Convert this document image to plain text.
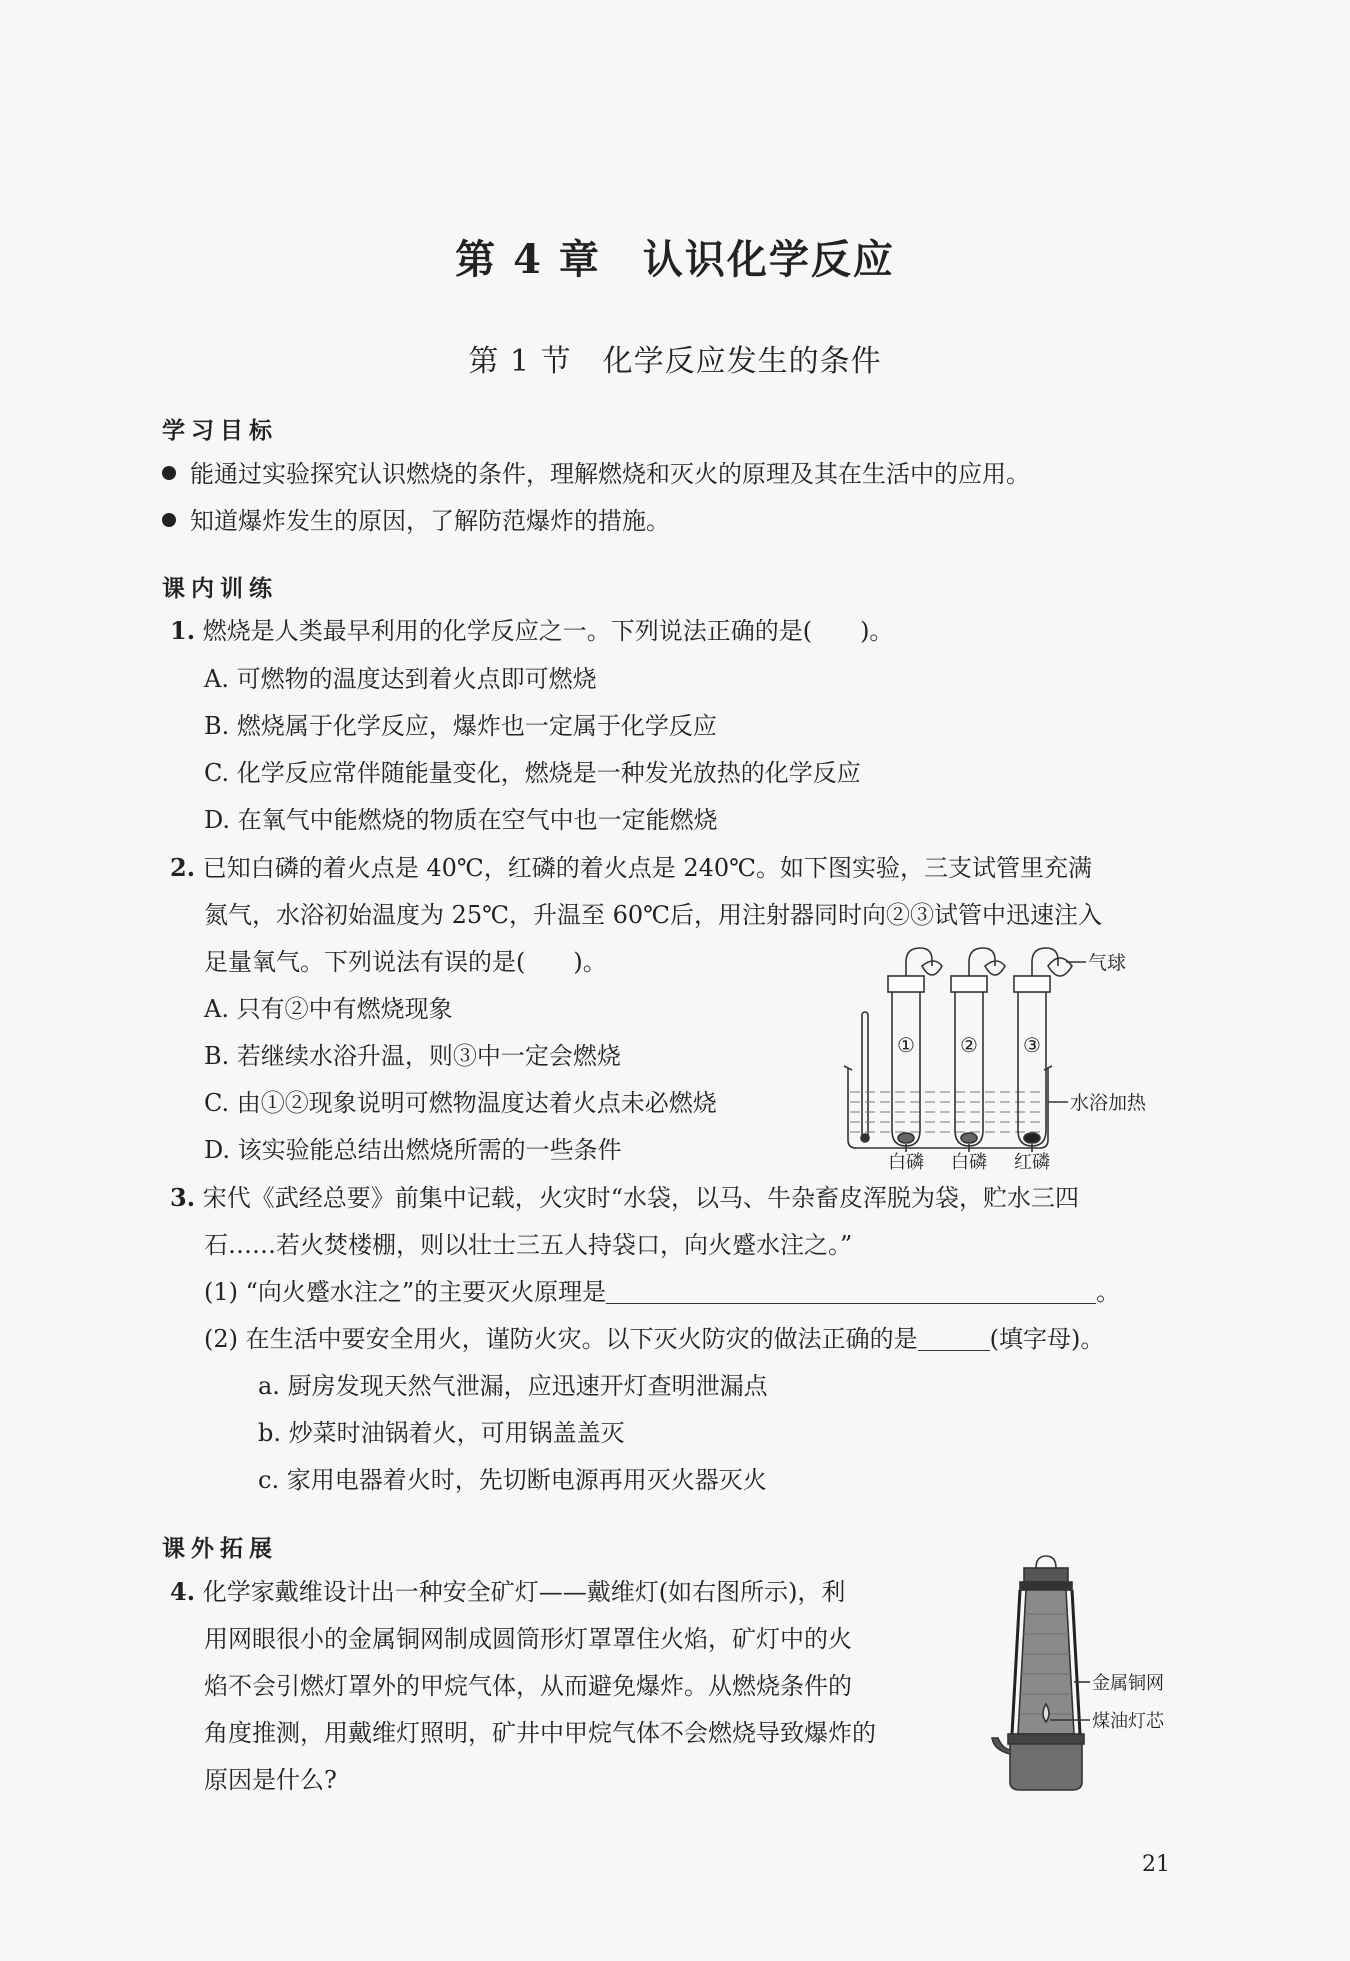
第 4 章　认识化学反应
第 1 节　化学反应发生的条件
学习目标
能通过实验探究认识燃烧的条件，理解燃烧和灭火的原理及其在生活中的应用。
知道爆炸发生的原因，了解防范爆炸的措施。
课内训练
1. 燃烧是人类最早利用的化学反应之一。下列说法正确的是(　　)。
A. 可燃物的温度达到着火点即可燃烧
B. 燃烧属于化学反应，爆炸也一定属于化学反应
C. 化学反应常伴随能量变化，燃烧是一种发光放热的化学反应
D. 在氧气中能燃烧的物质在空气中也一定能燃烧
2. 已知白磷的着火点是 40℃，红磷的着火点是 240℃。如下图实验，三支试管里充满
氮气，水浴初始温度为 25℃，升温至 60℃后，用注射器同时向②③试管中迅速注入
足量氧气。下列说法有误的是(　　)。
A. 只有②中有燃烧现象
B. 若继续水浴升温，则③中一定会燃烧
C. 由①②现象说明可燃物温度达着火点未必燃烧
D. 该实验能总结出燃烧所需的一些条件
气球
① ② ③
水浴加热
白磷 白磷 红磷
3. 宋代《武经总要》前集中记载，火灾时“水袋，以马、牛杂畜皮浑脱为袋，贮水三四
石……若火焚楼棚，则以壮士三五人持袋口，向火蹙水注之。”
(1) “向火蹙水注之”的主要灭火原理是	。
(2) 在生活中要安全用火，谨防火灾。以下灭火防灾的做法正确的是	(填字母)。
a. 厨房发现天然气泄漏，应迅速开灯查明泄漏点
b. 炒菜时油锅着火，可用锅盖盖灭
c. 家用电器着火时，先切断电源再用灭火器灭火
课外拓展
4. 化学家戴维设计出一种安全矿灯——戴维灯(如右图所示)，利
用网眼很小的金属铜网制成圆筒形灯罩罩住火焰，矿灯中的火
焰不会引燃灯罩外的甲烷气体，从而避免爆炸。从燃烧条件的
角度推测，用戴维灯照明，矿井中甲烷气体不会燃烧导致爆炸的
原因是什么?
金属铜网
煤油灯芯
21
